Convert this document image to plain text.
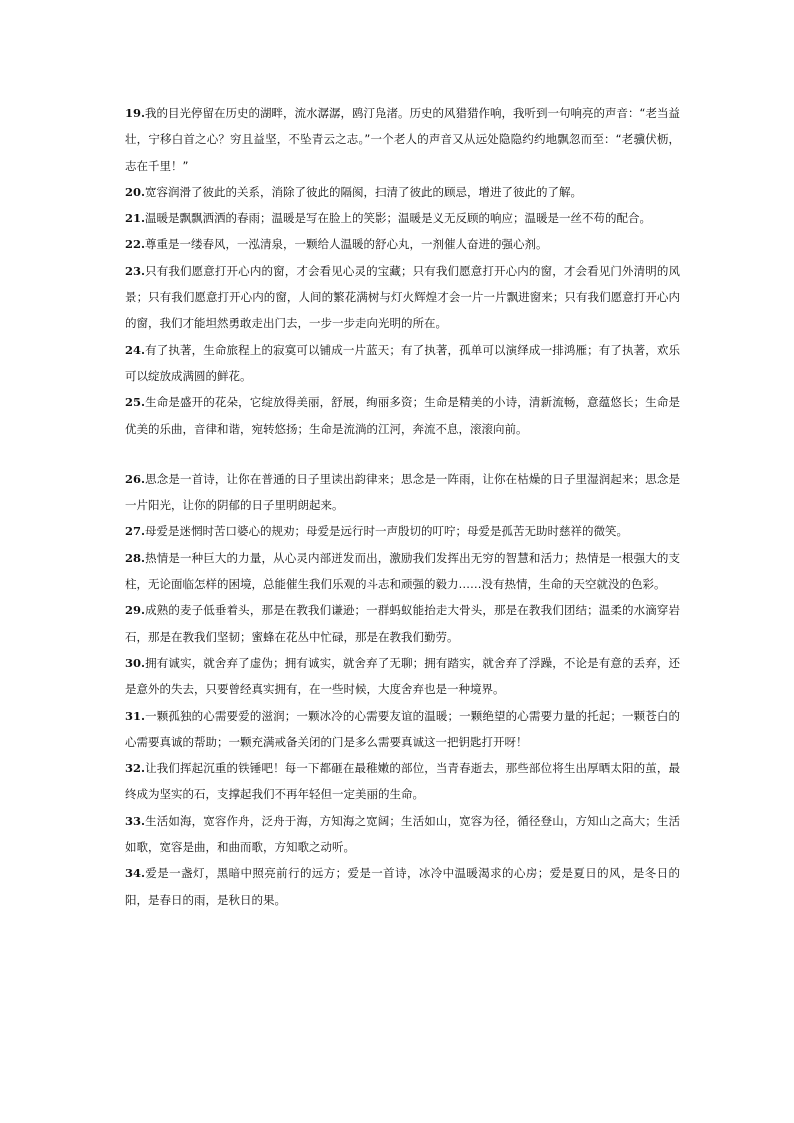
19.我的目光停留在历史的湖畔，流水潺潺，鸥汀凫渚。历史的风猎猎作响，我听到一句响亮的声音：“老当益壮，宁移白首之心？穷且益坚，不坠青云之志。”一个老人的声音又从远处隐隐约约地飘忽而至：“老骥伏枥，志在千里！”

20.宽容润滑了彼此的关系，消除了彼此的隔阂，扫清了彼此的顾忌，增进了彼此的了解。

21.温暖是飘飘洒洒的春雨；温暖是写在脸上的笑影；温暖是义无反顾的响应；温暖是一丝不苟的配合。

22.尊重是一缕春风，一泓清泉，一颗给人温暖的舒心丸，一剂催人奋进的强心剂。

23.只有我们愿意打开心内的窗，才会看见心灵的宝藏；只有我们愿意打开心内的窗，才会看见门外清明的风景；只有我们愿意打开心内的窗，人间的繁花满树与灯火辉煌才会一片一片飘进窗来；只有我们愿意打开心内的窗，我们才能坦然勇敢走出门去，一步一步走向光明的所在。

24.有了执著，生命旅程上的寂寞可以铺成一片蓝天；有了执著，孤单可以演绎成一排鸿雁；有了执著，欢乐可以绽放成满圆的鲜花。

25.生命是盛开的花朵，它绽放得美丽，舒展，绚丽多资；生命是精美的小诗，清新流畅，意蕴悠长；生命是优美的乐曲，音律和谐，宛转悠扬；生命是流淌的江河，奔流不息，滚滚向前。

26.思念是一首诗，让你在普通的日子里读出韵律来；思念是一阵雨，让你在枯燥的日子里湿润起来；思念是一片阳光，让你的阴郁的日子里明朗起来。

27.母爱是迷惘时苦口婆心的规劝；母爱是远行时一声殷切的叮咛；母爱是孤苦无助时慈祥的微笑。

28.热情是一种巨大的力量，从心灵内部迸发而出，激励我们发挥出无穷的智慧和活力；热情是一根强大的支柱，无论面临怎样的困境，总能催生我们乐观的斗志和顽强的毅力……没有热情，生命的天空就没的色彩。

29.成熟的麦子低垂着头，那是在教我们谦逊；一群蚂蚁能抬走大骨头，那是在教我们团结；温柔的水滴穿岩石，那是在教我们坚韧；蜜蜂在花丛中忙碌，那是在教我们勤劳。

30.拥有诚实，就舍弃了虚伪；拥有诚实，就舍弃了无聊；拥有踏实，就舍弃了浮躁，不论是有意的丢弃，还是意外的失去，只要曾经真实拥有，在一些时候，大度舍弃也是一种境界。

31.一颗孤独的心需要爱的滋润；一颗冰冷的心需要友谊的温暖；一颗绝望的心需要力量的托起；一颗苍白的心需要真诚的帮助；一颗充满戒备关闭的门是多么需要真诚这一把钥匙打开呀！

32.让我们挥起沉重的铁锤吧！每一下都砸在最稚嫩的部位，当青春逝去，那些部位将生出厚晒太阳的茧，最终成为坚实的石，支撑起我们不再年轻但一定美丽的生命。

33.生活如海，宽容作舟，泛舟于海，方知海之宽阔；生活如山，宽容为径，循径登山，方知山之高大；生活如歌，宽容是曲，和曲而歌，方知歌之动听。

34.爱是一盏灯，黑暗中照亮前行的远方；爱是一首诗，冰冷中温暖渴求的心房；爱是夏日的风，是冬日的阳，是春日的雨，是秋日的果。
